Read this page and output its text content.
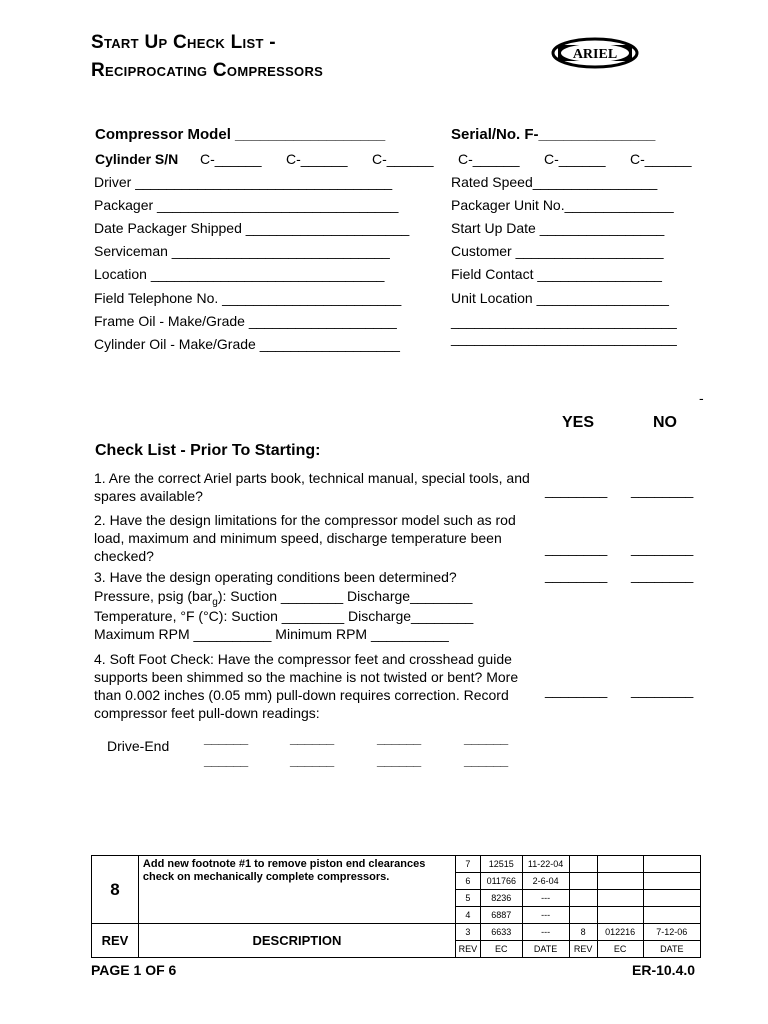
Start Up Check List -
Reciprocating Compressors
ARIEL
Compressor Model __________________	Serial/No. F-______________
Cylinder S/N C-______ C-______ C-______ C-______ C-______ C-______
Driver _________________________________
Packager _______________________________
Date Packager Shipped _____________________
Serviceman ____________________________
Location ______________________________
Field Telephone No. _______________________
Frame Oil - Make/Grade ___________________
Cylinder Oil - Make/Grade __________________
Rated Speed________________
Packager Unit No.______________
Start Up Date ________________
Customer ___________________
Field Contact ________________
Unit Location _________________
_____________________________
_____________________________
-
YES	NO
Check List - Prior To Starting:
1. Are the correct Ariel parts book, technical manual, special tools, and spares available?	________ ________
2. Have the design limitations for the compressor model such as rod load, maximum and minimum speed, discharge temperature been checked?	________ ________
3. Have the design operating conditions been determined?	________ ________
Pressure, psig (bar$_g$): Suction ________ Discharge________
Temperature, °F (°C): Suction ________ Discharge________
Maximum RPM __________ Minimum RPM __________
4. Soft Foot Check: Have the compressor feet and crosshead guide supports been shimmed so the machine is not twisted or bent? More than 0.002 inches (0.05 mm) pull-down requires correction. Record compressor feet pull-down readings:
________ ________
Drive-End ______	______	______	______
______	______	______	______
8	Add new footnote #1 to remove piston end clearances check on mechanically complete compressors.	7	12515	11-22-04			
		6	011766	2-6-04			
		5	8236	---			
		4	6887	---			
REV	DESCRIPTION	3	6633	---	8	012216	7-12-06
		REV	EC	DATE	REV	EC	DATE
PAGE 1 OF 6	ER-10.4.0
